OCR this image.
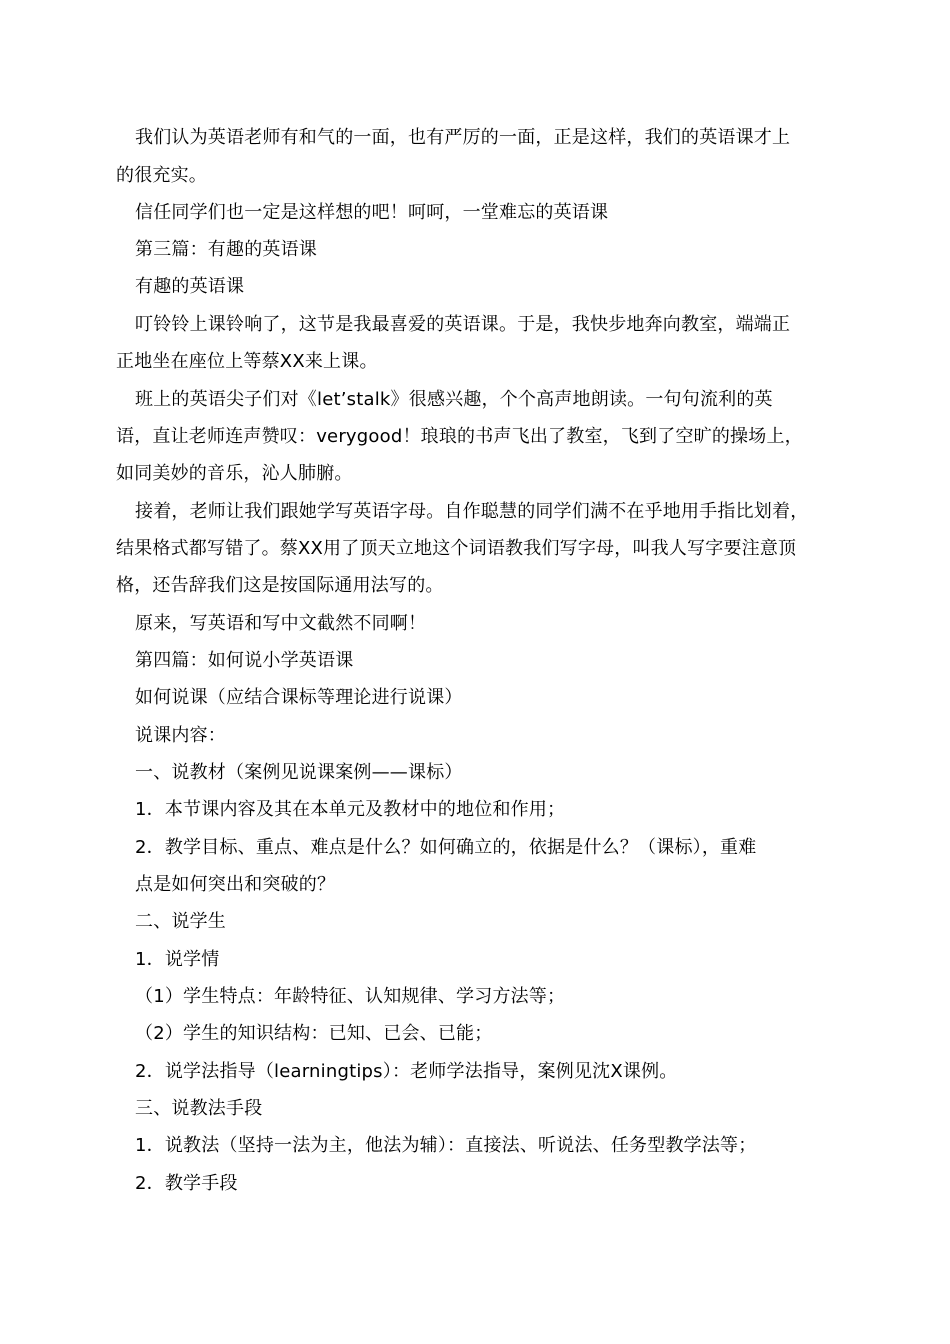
我们认为英语老师有和气的一面，也有严厉的一面，正是这样，我们的英语课才上
的很充实。
信任同学们也一定是这样想的吧！呵呵，一堂难忘的英语课
第三篇：有趣的英语课
有趣的英语课
叮铃铃上课铃响了，这节是我最喜爱的英语课。于是，我快步地奔向教室，端端正
正地坐在座位上等蔡XX来上课。
班上的英语尖子们对《let’stalk》很感兴趣，个个高声地朗读。一句句流利的英
语，直让老师连声赞叹：verygood！琅琅的书声飞出了教室，飞到了空旷的操场上，
如同美妙的音乐，沁人肺腑。
接着，老师让我们跟她学写英语字母。自作聪慧的同学们满不在乎地用手指比划着，
结果格式都写错了。蔡XX用了顶天立地这个词语教我们写字母，叫我人写字要注意顶
格，还告辞我们这是按国际通用法写的。
原来，写英语和写中文截然不同啊！
第四篇：如何说小学英语课
如何说课（应结合课标等理论进行说课）
说课内容：
一、说教材（案例见说课案例——课标）
1．本节课内容及其在本单元及教材中的地位和作用；
2．教学目标、重点、难点是什么？如何确立的，依据是什么？（课标），重难
点是如何突出和突破的？
二、说学生
1．说学情
（1）学生特点：年龄特征、认知规律、学习方法等；
（2）学生的知识结构：已知、已会、已能；
2．说学法指导（learningtips）：老师学法指导，案例见沈X课例。
三、说教法手段
1．说教法（坚持一法为主，他法为辅）：直接法、听说法、任务型教学法等；
2．教学手段
